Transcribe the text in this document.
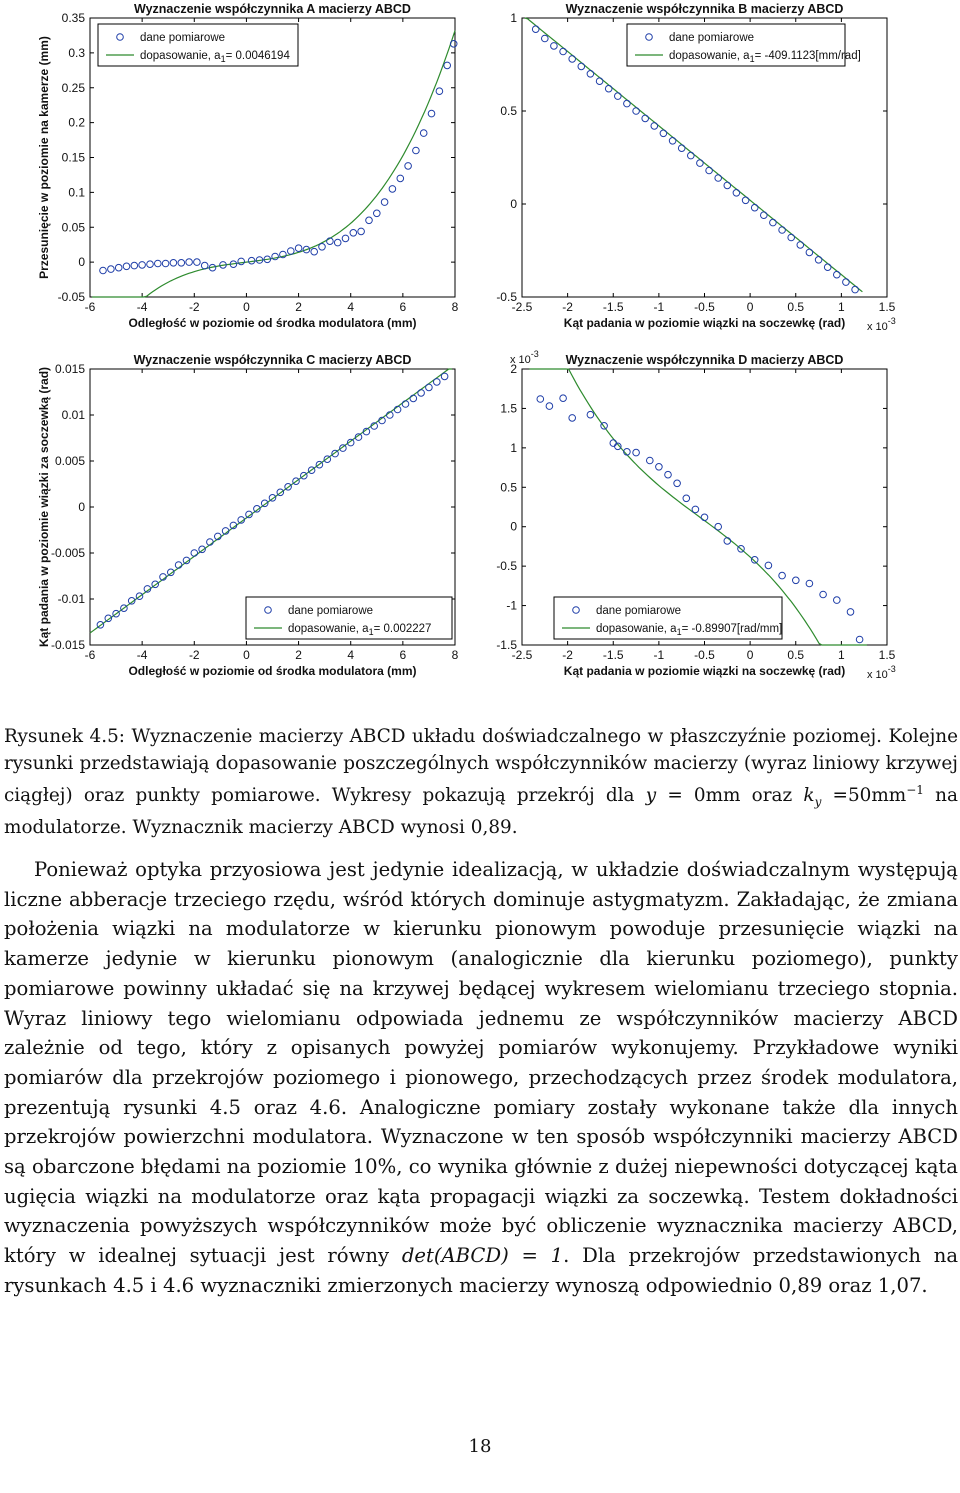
Wyznaczenie współczynnika A macierzy ABCD
-6	-4	-2	0	2	4	6	8
0.35
0.3
0.25
0.2
0.15
0.1
0.05
0
-0.05
Odległość w poziomie od środka modulatora (mm)
Przesunięcie w poziomie na kamerze (mm)	dane pomiarowe
dopasowanie, $a_1= 0.0046194$
Wyznaczenie współczynnika B macierzy ABCD
-2.5 -2 -1.5 -1 -0.5	0	0.5	1	1.5
1
0.5
0
-0.5
Kąt padania w poziomie wiązki na soczewkę (rad) x $10^{-3}$
dane pomiarowe
dopasowanie, $a_1= -409.1123[mm/rad]$
Wyznaczenie współczynnika C macierzy ABCD
-6	-4	-2	0	2	4	6	8
0.015
0.01
0.005
0
-0.005
-0.01
-0.015
Odległość w poziomie od środka modulatora (mm)
Kąt padania w poziomie wiązki za soczewką (rad)	dane pomiarowe
dopasowanie, $a_1= 0.002227$
Wyznaczenie współczynnika D macierzy ABCD
-2.5 -2 -1.5 -1 -0.5	0	0.5	1	1.5
2
1.5
1
0.5
0
-0.5
-1
-1.5
Kąt padania w poziomie wiązki na soczewkę (rad) x $10^{-3}$
x $10^{-3}$
dane pomiarowe
dopasowanie, $a_1= -0.89907[rad/mm]$

Rysunek 4.5: Wyznaczenie macierzy ABCD układu doświadczalnego w płaszczyźnie poziomej. Kolejne rysunki przedstawiają dopasowanie poszczególnych współczynników macierzy (wyraz liniowy krzywej ciągłej) oraz punkty pomiarowe. Wykresy pokazują przekrój dla y = 0mm oraz $k_y =50mm^{-1}$ na modulatorze. Wyznacznik macierzy ABCD wynosi 0,89.

Ponieważ optyka przyosiowa jest jedynie idealizacją, w układzie doświadczalnym występują liczne abberacje trzeciego rzędu, wśród których dominuje astygmatyzm. Zakładając, że zmiana położenia wiązki na modulatorze w kierunku pionowym powoduje przesunięcie wiązki na kamerze jedynie w kierunku pionowym (analogicznie dla kierunku poziomego), punkty pomiarowe powinny układać się na krzywej będącej wykresem wielomianu trzeciego stopnia. Wyraz liniowy tego wielomianu odpowiada jednemu ze współczynników macierzy ABCD zależnie od tego, który z opisanych powyżej pomiarów wykonujemy. Przykładowe wyniki pomiarów dla przekrojów poziomego i pionowego, przechodzących przez środek modulatora, prezentują rysunki 4.5 oraz 4.6. Analogiczne pomiary zostały wykonane także dla innych przekrojów powierzchni modulatora. Wyznaczone w ten sposób współczynniki macierzy ABCD są obarczone błędami na poziomie 10%, co wynika głównie z dużej niepewności dotyczącej kąta ugięcia wiązki na modulatorze oraz kąta propagacji wiązki za soczewką. Testem dokładności wyznaczenia powyższych współczynników może być obliczenie wyznacznika macierzy ABCD, który w idealnej sytuacji jest równy det(ABCD) = 1. Dla przekrojów przedstawionych na rysunkach 4.5 i 4.6 wyznaczniki zmierzonych macierzy wynoszą odpowiednio 0,89 oraz 1,07.

18
